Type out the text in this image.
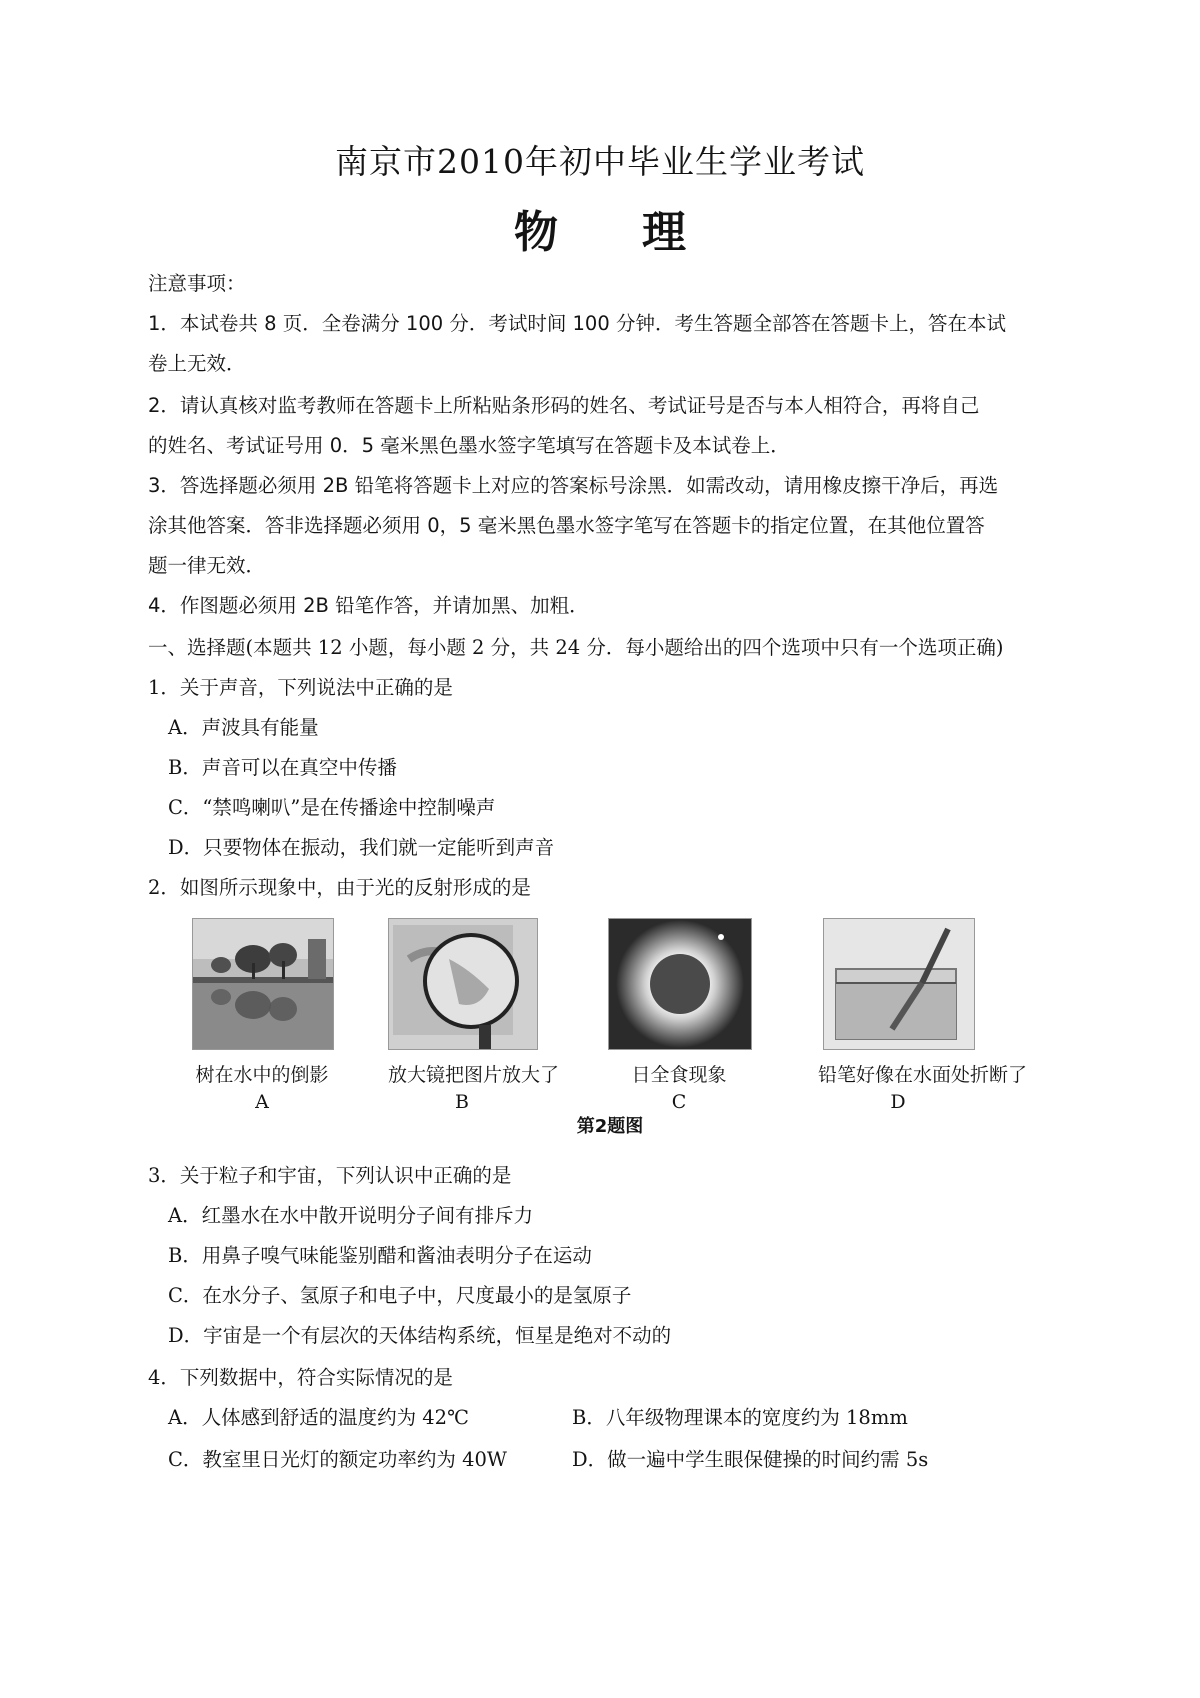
南京市2010年初中毕业生学业考试
物 理
注意事项：
1．本试卷共 8 页．全卷满分 100 分．考试时间 100 分钟．考生答题全部答在答题卡上，答在本试
卷上无效．
2．请认真核对监考教师在答题卡上所粘贴条形码的姓名、考试证号是否与本人相符合，再将自己
的姓名、考试证号用 0．5 毫米黑色墨水签字笔填写在答题卡及本试卷上．
3．答选择题必须用 2B 铅笔将答题卡上对应的答案标号涂黑．如需改动，请用橡皮擦干净后，再选
涂其他答案．答非选择题必须用 0，5 毫米黑色墨水签字笔写在答题卡的指定位置，在其他位置答
题一律无效．
4．作图题必须用 2B 铅笔作答，并请加黑、加粗．
一、选择题(本题共 12 小题，每小题 2 分，共 24 分．每小题给出的四个选项中只有一个选项正确)
1．关于声音，下列说法中正确的是
A．声波具有能量
B．声音可以在真空中传播
C．“禁鸣喇叭”是在传播途中控制噪声
D．只要物体在振动，我们就一定能听到声音
2．如图所示现象中，由于光的反射形成的是
树在水中的倒影
A
放大镜把图片放大了
B
日全食现象
C
铅笔好像在水面处折断了
D
第2题图
3．关于粒子和宇宙，下列认识中正确的是
A．红墨水在水中散开说明分子间有排斥力
B．用鼻子嗅气味能鉴别醋和酱油表明分子在运动
C．在水分子、氢原子和电子中，尺度最小的是氢原子
D．宇宙是一个有层次的天体结构系统，恒星是绝对不动的
4．下列数据中，符合实际情况的是
A．人体感到舒适的温度约为 42℃	B．八年级物理课本的宽度约为 18mm
C．教室里日光灯的额定功率约为 40W	D．做一遍中学生眼保健操的时间约需 5s
